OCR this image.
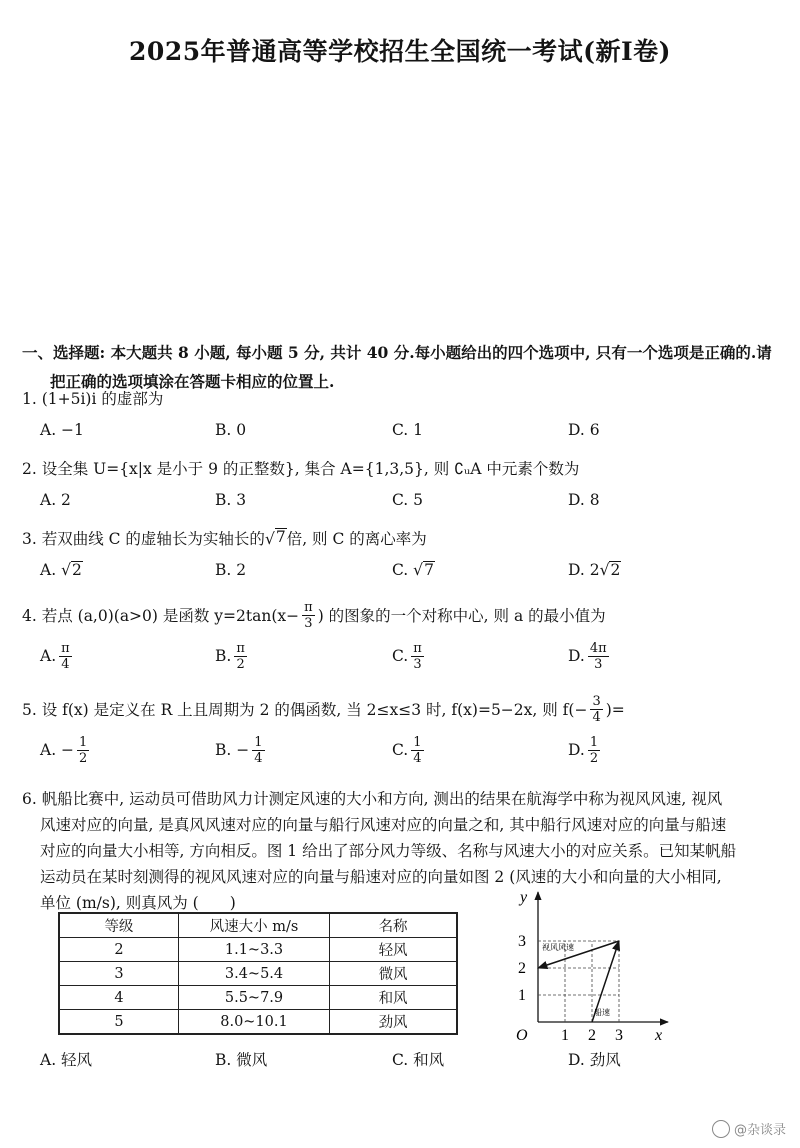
2025年普通高等学校招生全国统一考试(新I卷)
一、选择题: 本大题共 8 小题, 每小题 5 分, 共计 40 分.每小题给出的四个选项中, 只有一个选项是正确的.请
把正确的选项填涂在答题卡相应的位置上.
1. (1+5i)i 的虚部为
A. −1	B. 0	C. 1	D. 6
2. 设全集 U={x|x 是小于 9 的正整数}, 集合 A={1,3,5}, 则 ∁ᵤA 中元素个数为
A. 2	B. 3	C. 5	D. 8
3. 若双曲线 C 的虚轴长为实轴长的 √ 7 倍, 则 C 的离心率为
A.
√ 2	B. 2	C.
√ 7	D. 2 √ 2
4. 若点 (a,0)(a>0) 是函数 $y=2\tan(x- \frac{\pi}{3}$ ) 的图象的一个对称中心, 则 a 的最小值为
A. $\frac{\pi}{4}$	B. $\frac{\pi}{2}$	C. $\frac{\pi}{3}$	D. $\frac{4\pi}{3}$
5. 设 f(x) 是定义在 R 上且周期为 2 的偶函数, 当 2≤x≤3 时, f(x)=5−2x, 则 $f(- \frac{3}{4}$ )=
A. − $\frac{1}{2}$	B. − $\frac{1}{4}$	C. $\frac{1}{4}$	D. $\frac{1}{2}$
6. 帆船比赛中, 运动员可借助风力计测定风速的大小和方向, 测出的结果在航海学中称为视风风速, 视风
风速对应的向量, 是真风风速对应的向量与船行风速对应的向量之和, 其中船行风速对应的向量与船速
对应的向量大小相等, 方向相反。图 1 给出了部分风力等级、名称与风速大小的对应关系。已知某帆船
运动员在某时刻测得的视风风速对应的向量与船速对应的向量如图 2 (风速的大小和向量的大小相同,
单位 (m/s), 则真风为 (　　)
等级	风速大小 m/s	名称
2	1.1~3.3	轻风
3	3.4~5.4	微风
4	5.5~7.9	和风
5	8.0~10.1	劲风
y
x
O 1 2 3
1
2
3 视风风速
船速
A. 轻风	B. 微风	C. 和风	D. 劲风
@杂谈录
